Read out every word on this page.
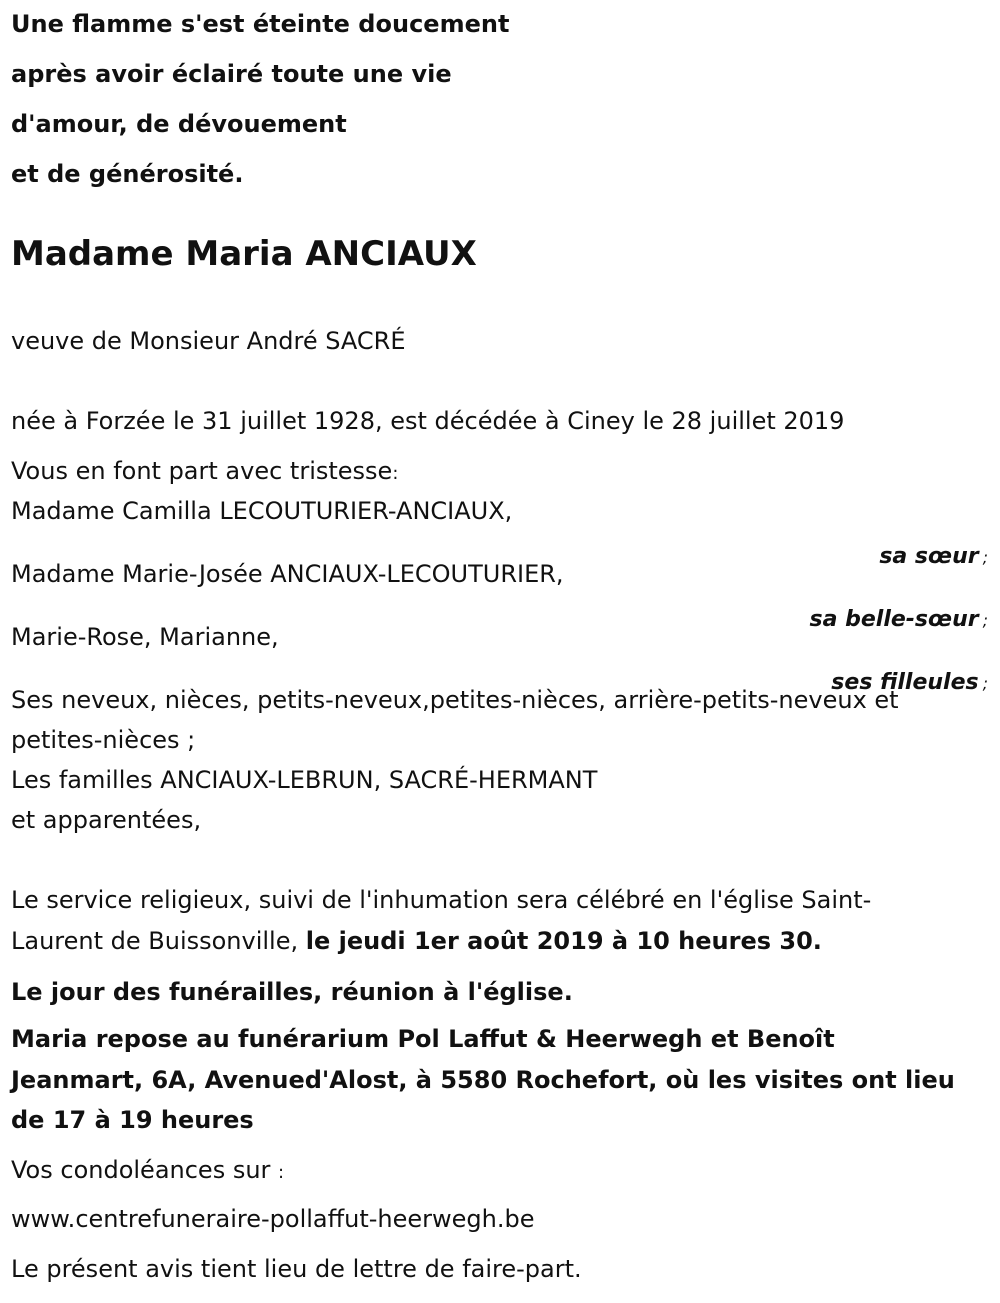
Une flamme s'est éteinte doucement

après avoir éclairé toute une vie

d'amour, de dévouement

et de générosité.

Madame Maria ANCIAUX

veuve de Monsieur André SACRÉ

née à Forzée le 31 juillet 1928, est décédée à Ciney le 28 juillet 2019

Vous en font part avec tristesse:

Madame Camilla LECOUTURIER-ANCIAUX,

sa sœur ;

Madame Marie-Josée ANCIAUX-LECOUTURIER,

sa belle-sœur ;

Marie-Rose, Marianne,

ses filleules ;

Ses neveux, nièces, petits-neveux,petites-nièces, arrière-petits-neveux et

petites-nièces ;

Les familles ANCIAUX-LEBRUN, SACRÉ-HERMANT

et apparentées,

Le service religieux, suivi de l'inhumation sera célébré en l'église Saint-

Laurent de Buissonville, le jeudi 1er août 2019 à 10 heures 30.

Le jour des funérailles, réunion à l'église.

Maria repose au funérarium Pol Laffut & Heerwegh et Benoît

Jeanmart, 6A, Avenued'Alost, à 5580 Rochefort, où les visites ont lieu

de 17 à 19 heures

Vos condoléances sur :

www.centrefuneraire-pollaffut-heerwegh.be

Le présent avis tient lieu de lettre de faire-part.
